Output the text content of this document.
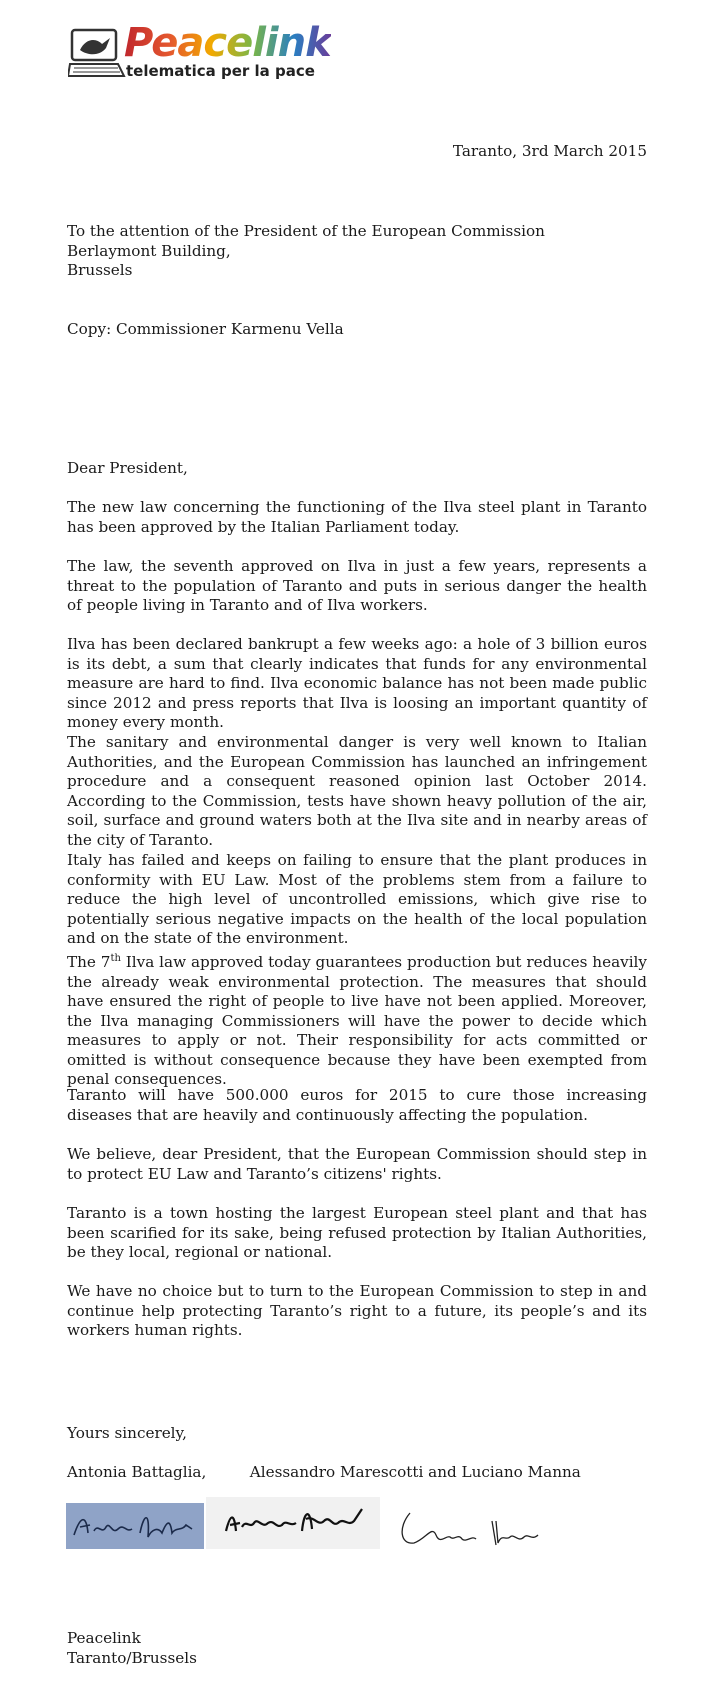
Peacelink
telematica per la pace
Taranto, 3rd March 2015
To the attention of the President of the European Commission
Berlaymont Building,
Brussels
Copy: Commissioner Karmenu Vella
Dear President,

The new law concerning the functioning of the Ilva steel plant in Taranto has been approved by the Italian Parliament today.

The law, the seventh approved on Ilva in just a few years, represents a threat to the population of Taranto and puts in serious danger the health of people living in Taranto and of Ilva workers.

Ilva has been declared bankrupt a few weeks ago: a hole of 3 billion euros is its debt, a sum that clearly indicates that funds for any environmental measure are hard to find. Ilva economic balance has not been made public since 2012 and press reports that Ilva is loosing an important quantity of money every month.

The sanitary and environmental danger is very well known to Italian Authorities, and the European Commission has launched an infringement procedure and a consequent reasoned opinion last October 2014. According to the Commission, tests have shown heavy pollution of the air, soil, surface and ground waters both at the Ilva site and in nearby areas of the city of Taranto.

Italy has failed and keeps on failing to ensure that the plant produces in conformity with EU Law. Most of the problems stem from a failure to reduce the high level of uncontrolled emissions, which give rise to potentially serious negative impacts on the health of the local population and on the state of the environment.

The 7th Ilva law approved today guarantees production but reduces heavily the already weak environmental protection. The measures that should have ensured the right of people to live have not been applied. Moreover, the Ilva managing Commissioners will have the power to decide which measures to apply or not. Their responsibility for acts committed or omitted is without consequence because they have been exempted from penal consequences.

Taranto will have 500.000 euros for 2015 to cure those increasing diseases that are heavily and continuously affecting the population.

We believe, dear President, that the European Commission should step in to protect EU Law and Taranto’s citizens' rights.

Taranto is a town hosting the largest European steel plant and that has been scarified for its sake, being refused protection by Italian Authorities, be they local, regional or national.

We have no choice but to turn to the European Commission to step in and continue help protecting Taranto’s right to a future, its people’s and its workers human rights.

Yours sincerely,
Antonia Battaglia,	Alessandro Marescotti and Luciano Manna
Peacelink
Taranto/Brussels
